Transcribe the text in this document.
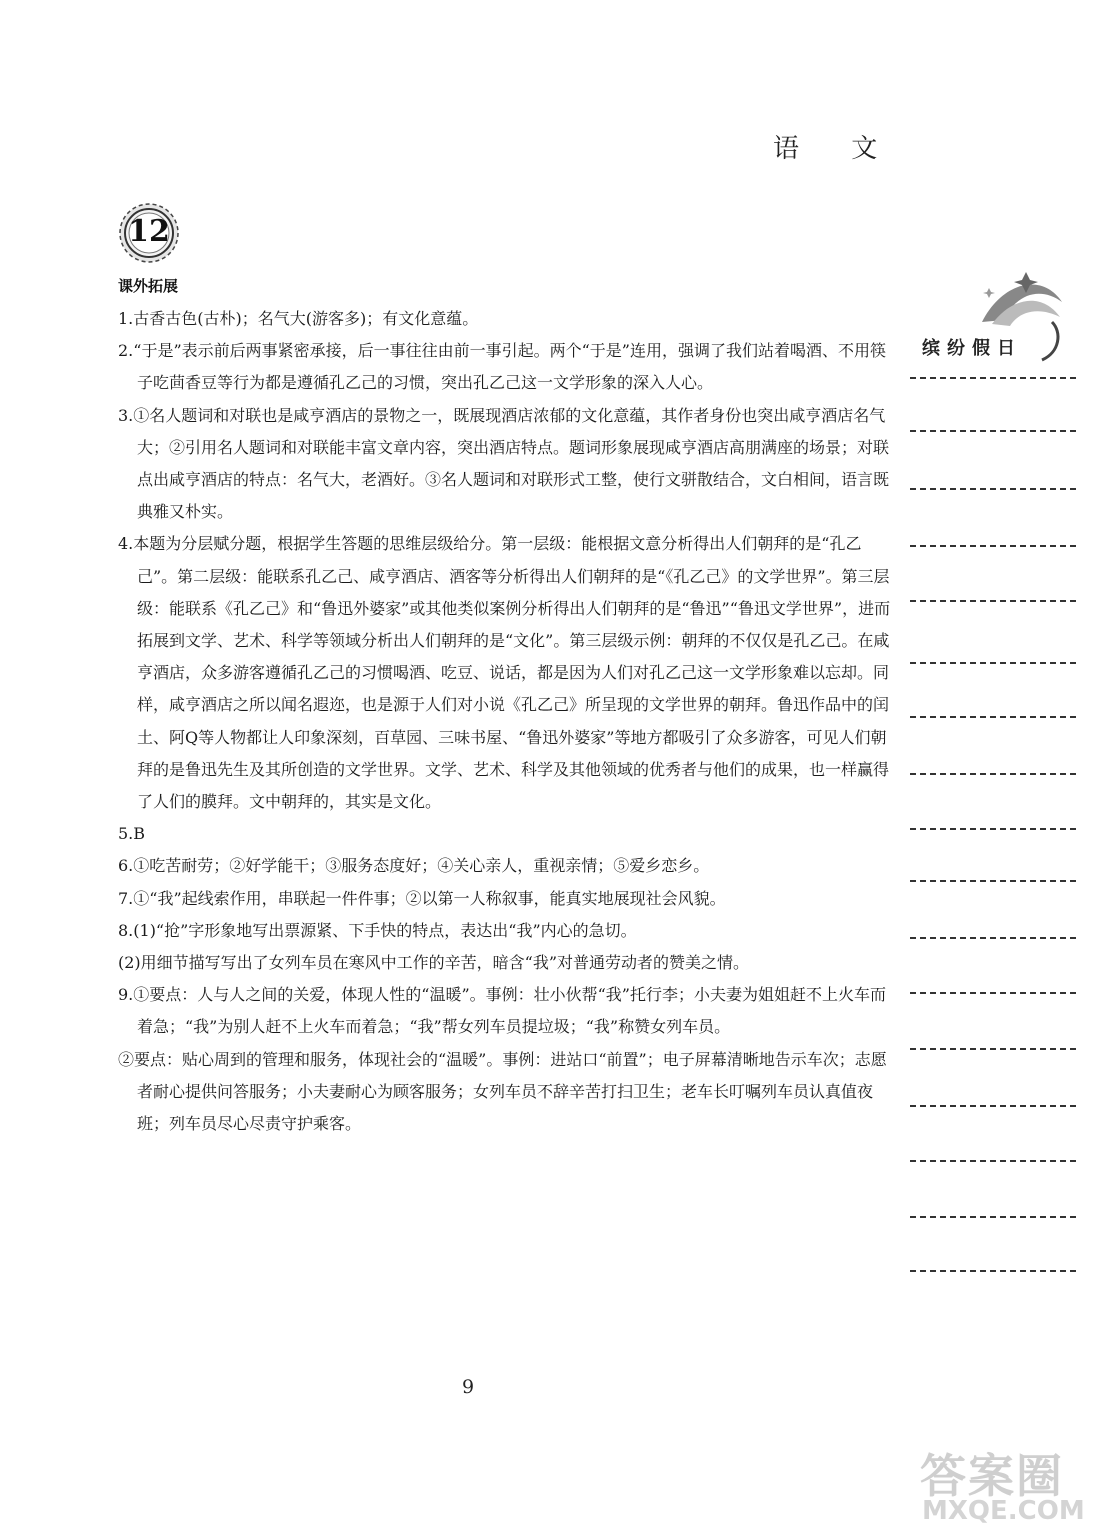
语 文
12
课外拓展

1.古香古色(古朴)；名气大(游客多)；有文化意蕴。

2.“于是”表示前后两事紧密承接，后一事往往由前一事引起。两个“于是”连用，强调了我们站着喝酒、不用筷子吃茴香豆等行为都是遵循孔乙己的习惯，突出孔乙己这一文学形象的深入人心。

3.①名人题词和对联也是咸亨酒店的景物之一，既展现酒店浓郁的文化意蕴，其作者身份也突出咸亨酒店名气大；②引用名人题词和对联能丰富文章内容，突出酒店特点。题词形象展现咸亨酒店高朋满座的场景；对联点出咸亨酒店的特点：名气大，老酒好。③名人题词和对联形式工整，使行文骈散结合，文白相间，语言既典雅又朴实。

4.本题为分层赋分题，根据学生答题的思维层级给分。第一层级：能根据文意分析得出人们朝拜的是“孔乙己”。第二层级：能联系孔乙己、咸亨酒店、酒客等分析得出人们朝拜的是“《孔乙己》的文学世界”。第三层级：能联系《孔乙己》和“鲁迅外婆家”或其他类似案例分析得出人们朝拜的是“鲁迅”“鲁迅文学世界”，进而拓展到文学、艺术、科学等领域分析出人们朝拜的是“文化”。第三层级示例：朝拜的不仅仅是孔乙己。在咸亨酒店，众多游客遵循孔乙己的习惯喝酒、吃豆、说话，都是因为人们对孔乙己这一文学形象难以忘却。同样，咸亨酒店之所以闻名遐迩，也是源于人们对小说《孔乙己》所呈现的文学世界的朝拜。鲁迅作品中的闰土、阿Q等人物都让人印象深刻，百草园、三味书屋、“鲁迅外婆家”等地方都吸引了众多游客，可见人们朝拜的是鲁迅先生及其所创造的文学世界。文学、艺术、科学及其他领域的优秀者与他们的成果，也一样赢得了人们的膜拜。文中朝拜的，其实是文化。

5.B

6.①吃苦耐劳；②好学能干；③服务态度好；④关心亲人，重视亲情；⑤爱乡恋乡。

7.①“我”起线索作用，串联起一件件事；②以第一人称叙事，能真实地展现社会风貌。

8.(1)“抢”字形象地写出票源紧、下手快的特点，表达出“我”内心的急切。

(2)用细节描写写出了女列车员在寒风中工作的辛苦，暗含“我”对普通劳动者的赞美之情。

9.①要点：人与人之间的关爱，体现人性的“温暖”。事例：壮小伙帮“我”托行李；小夫妻为姐姐赶不上火车而着急；“我”为别人赶不上火车而着急；“我”帮女列车员提垃圾；“我”称赞女列车员。

②要点：贴心周到的管理和服务，体现社会的“温暖”。事例：进站口“前置”；电子屏幕清晰地告示车次；志愿者耐心提供问答服务；小夫妻耐心为顾客服务；女列车员不辞辛苦打扫卫生；老车长叮嘱列车员认真值夜班；列车员尽心尽责守护乘客。

缤纷假日
9
答案圈
MXQE.COM
